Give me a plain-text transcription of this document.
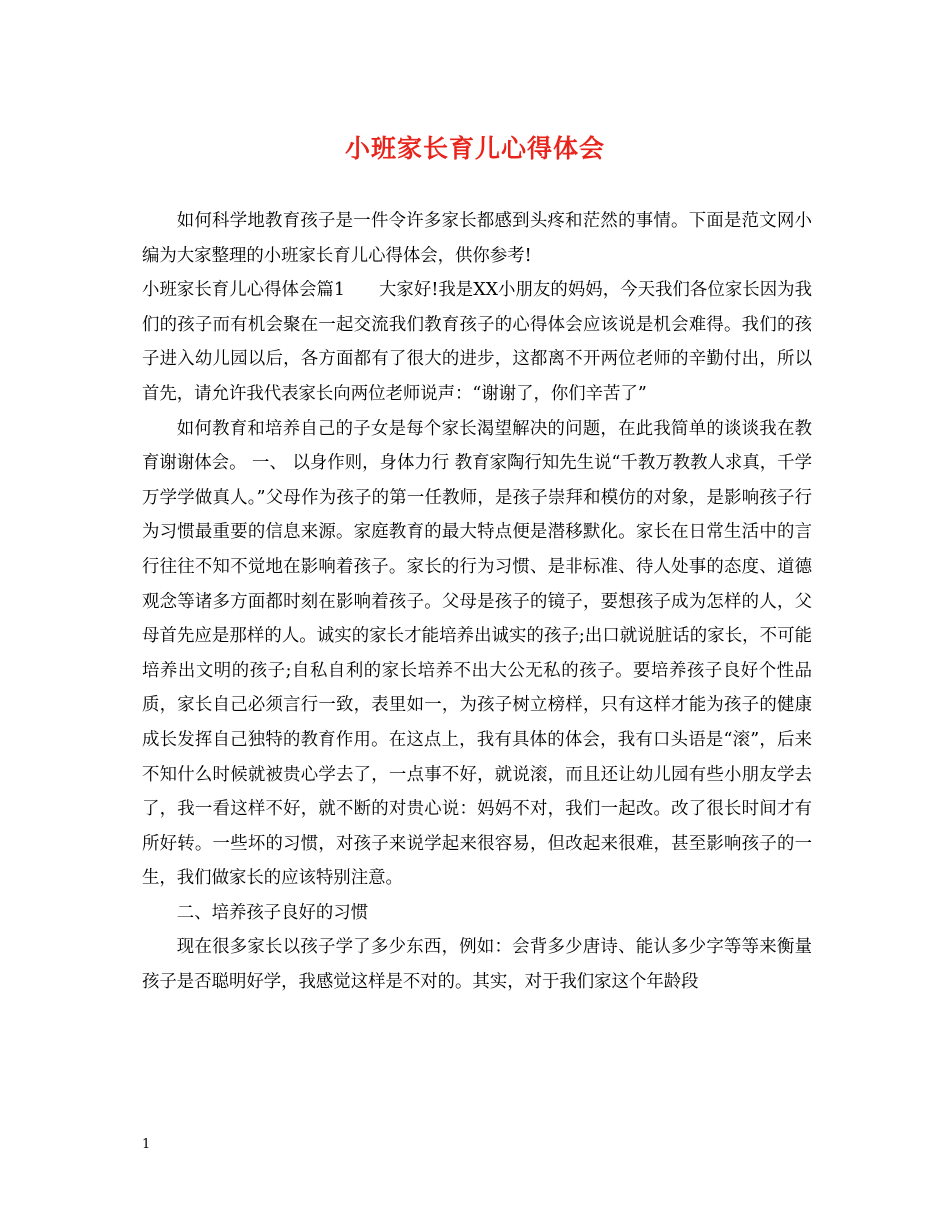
小班家长育儿心得体会

如何科学地教育孩子是一件令许多家长都感到头疼和茫然的事情。下面是范文网小编为大家整理的小班家长育儿心得体会，供你参考!

小班家长育儿心得体会篇1 大家好!我是XX小朋友的妈妈，今天我们各位家长因为我们的孩子而有机会聚在一起交流我们教育孩子的心得体会应该说是机会难得。我们的孩子进入幼儿园以后，各方面都有了很大的进步，这都离不开两位老师的辛勤付出，所以首先，请允许我代表家长向两位老师说声：“谢谢了，你们辛苦了”

如何教育和培养自己的子女是每个家长渴望解决的问题，在此我简单的谈谈我在教育谢谢体会。 一、 以身作则，身体力行 教育家陶行知先生说“千教万教教人求真，千学万学学做真人。”父母作为孩子的第一任教师，是孩子崇拜和模仿的对象，是影响孩子行为习惯最重要的信息来源。家庭教育的最大特点便是潜移默化。家长在日常生活中的言行往往不知不觉地在影响着孩子。家长的行为习惯、是非标准、待人处事的态度、道德观念等诸多方面都时刻在影响着孩子。父母是孩子的镜子，要想孩子成为怎样的人，父母首先应是那样的人。诚实的家长才能培养出诚实的孩子;出口就说脏话的家长，不可能培养出文明的孩子;自私自利的家长培养不出大公无私的孩子。要培养孩子良好个性品质，家长自己必须言行一致，表里如一，为孩子树立榜样，只有这样才能为孩子的健康成长发挥自己独特的教育作用。在这点上，我有具体的体会，我有口头语是“滚”，后来不知什么时候就被贵心学去了，一点事不好，就说滚，而且还让幼儿园有些小朋友学去了，我一看这样不好，就不断的对贵心说：妈妈不对，我们一起改。改了很长时间才有所好转。一些坏的习惯，对孩子来说学起来很容易，但改起来很难，甚至影响孩子的一生，我们做家长的应该特别注意。

二、培养孩子良好的习惯

现在很多家长以孩子学了多少东西，例如：会背多少唐诗、能认多少字等等来衡量孩子是否聪明好学，我感觉这样是不对的。其实，对于我们家这个年龄段

1
